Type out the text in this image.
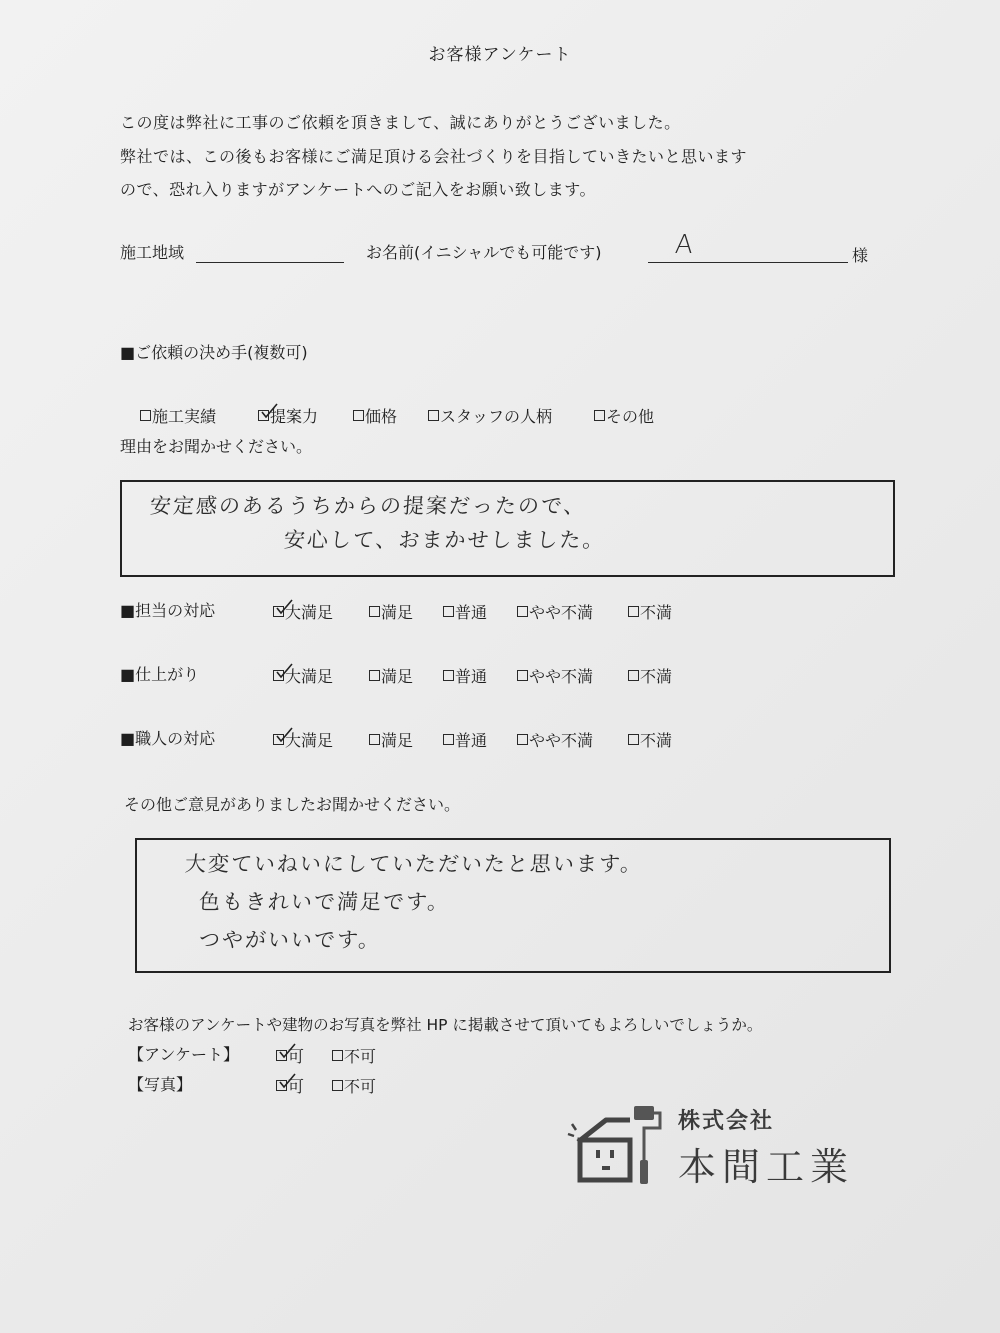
お客様アンケート
この度は弊社に工事のご依頼を頂きまして、誠にありがとうございました。
弊社では、この後もお客様にご満足頂ける会社づくりを目指していきたいと思います
ので、恐れ入りますがアンケートへのご記入をお願い致します。
施工地域	お名前(イニシャルでも可能です)	A	様
■ご依頼の決め手(複数可)
施工実績	提案力	価格	スタッフの人柄	その他
理由をお聞かせください。
安定感のあるうちからの提案だったので、
安心して、おまかせしました。
■担当の対応	大満足	満足	普通	やや不満	不満
■仕上がり	大満足	満足	普通	やや不満	不満
■職人の対応	大満足	満足	普通	やや不満	不満
その他ご意見がありましたお聞かせください。
大変ていねいにしていただいたと思います。
色もきれいで満足です。
つやがいいです。
お客様のアンケートや建物のお写真を弊社 HP に掲載させて頂いてもよろしいでしょうか。
【アンケート】	可 不可
【写真】	可 不可
株式会社
本間工業
